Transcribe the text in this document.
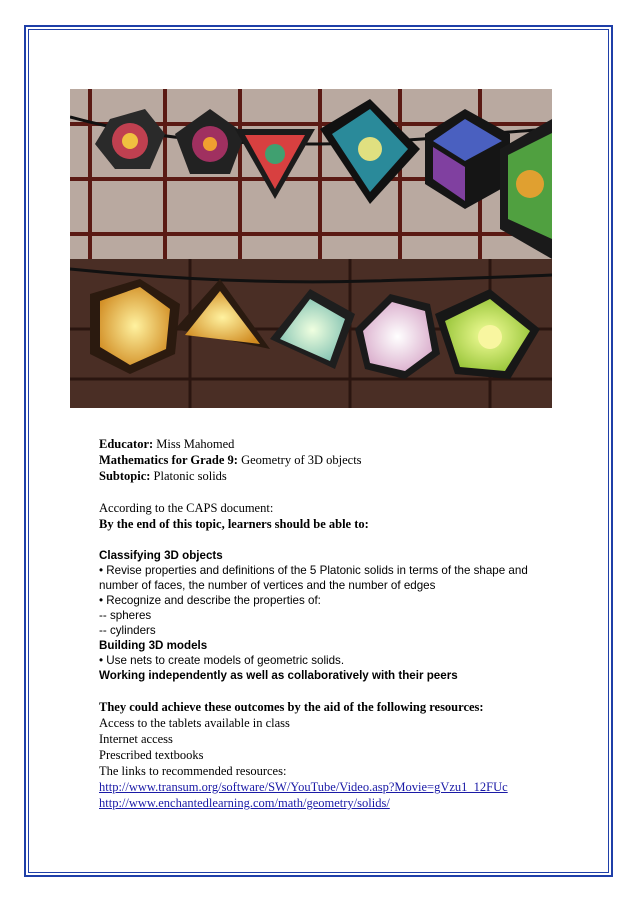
Educator: Miss Mahomed

Mathematics for Grade 9: Geometry of 3D objects

Subtopic: Platonic solids

According to the CAPS document:

By the end of this topic, learners should be able to:

Classifying 3D objects

• Revise properties and definitions of the 5 Platonic solids in terms of the shape and number of faces, the number of vertices and the number of edges

• Recognize and describe the properties of:

-- spheres

-- cylinders

Building 3D models

• Use nets to create models of geometric solids.

Working independently as well as collaboratively with their peers

They could achieve these outcomes by the aid of the following resources:

Access to the tablets available in class

Internet access

Prescribed textbooks

The links to recommended resources:

http://www.transum.org/software/SW/YouTube/Video.asp?Movie=gVzu1_12FUc

http://www.enchantedlearning.com/math/geometry/solids/
